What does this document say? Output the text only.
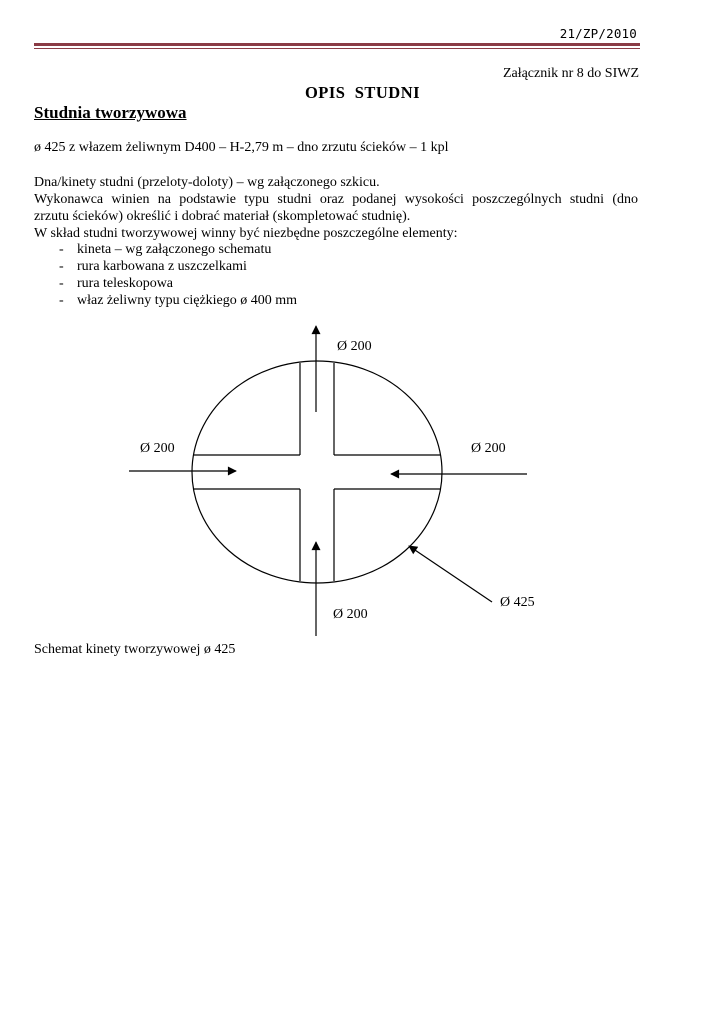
21/ZP/2010
Załącznik nr 8 do SIWZ
OPIS  STUDNI
Studnia tworzywowa
ø 425 z włazem żeliwnym D400 – H-2,79 m – dno zrzutu ścieków – 1 kpl
Dna/kinety studni (przeloty-doloty) – wg załączonego szkicu.
Wykonawca winien na podstawie typu studni oraz podanej wysokości poszczególnych studni (dno
zrzutu ścieków) określić i dobrać materiał (skompletować studnię).
W skład studni tworzywowej winny być niezbędne poszczególne elementy:
- kineta – wg załączonego schematu
- rura karbowana z uszczelkami
- rura teleskopowa
- właz żeliwny typu ciężkiego ø 400 mm
Ø 200
Ø 200	Ø 200
Ø 200
Ø 425
Schemat kinety tworzywowej ø 425
